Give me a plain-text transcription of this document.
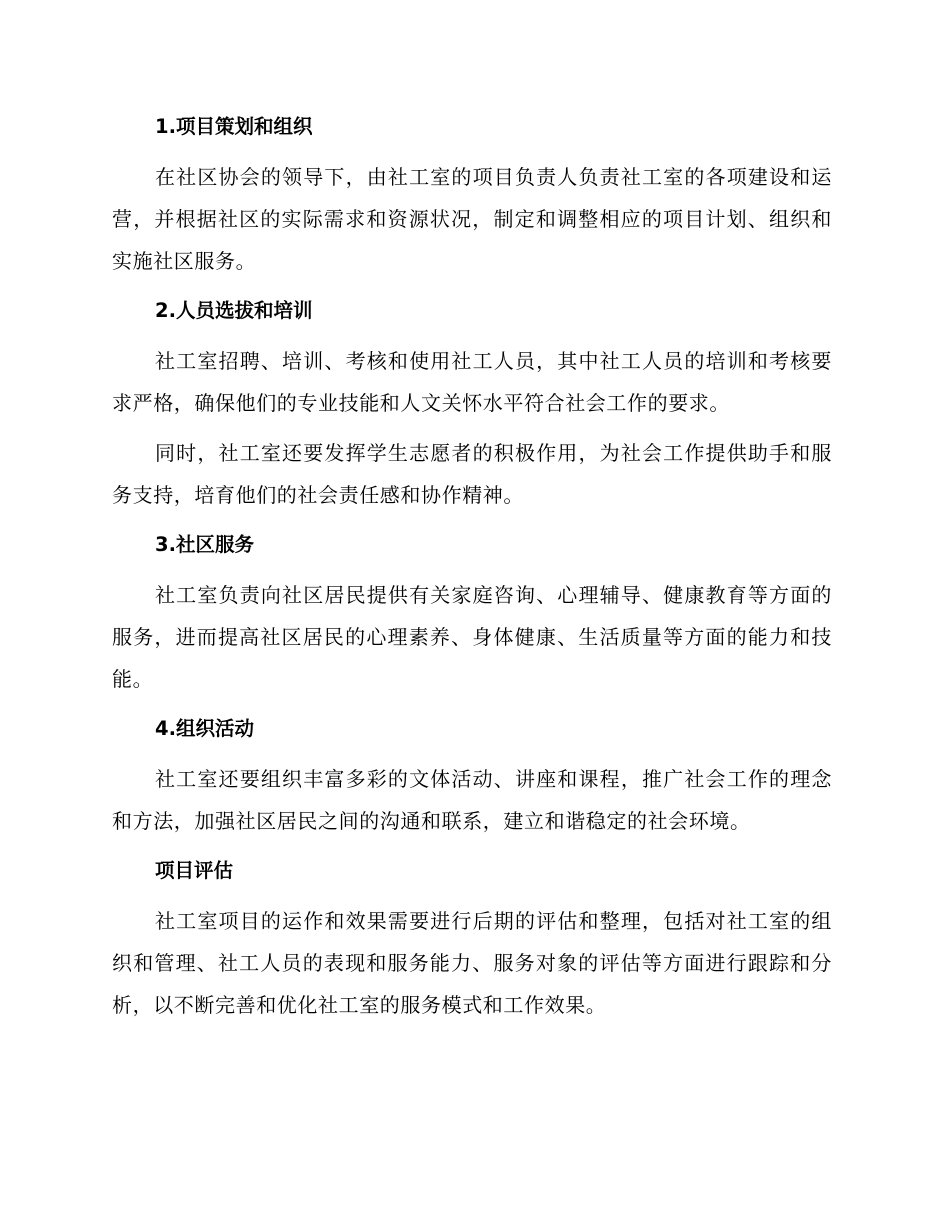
1.项目策划和组织

在社区协会的领导下，由社工室的项目负责人负责社工室的各项建设和运营，并根据社区的实际需求和资源状况，制定和调整相应的项目计划、组织和实施社区服务。

2.人员选拔和培训

社工室招聘、培训、考核和使用社工人员，其中社工人员的培训和考核要求严格，确保他们的专业技能和人文关怀水平符合社会工作的要求。

同时，社工室还要发挥学生志愿者的积极作用，为社会工作提供助手和服务支持，培育他们的社会责任感和协作精神。

3.社区服务

社工室负责向社区居民提供有关家庭咨询、心理辅导、健康教育等方面的服务，进而提高社区居民的心理素养、身体健康、生活质量等方面的能力和技能。

4.组织活动

社工室还要组织丰富多彩的文体活动、讲座和课程，推广社会工作的理念和方法，加强社区居民之间的沟通和联系，建立和谐稳定的社会环境。

项目评估

社工室项目的运作和效果需要进行后期的评估和整理，包括对社工室的组织和管理、社工人员的表现和服务能力、服务对象的评估等方面进行跟踪和分析，以不断完善和优化社工室的服务模式和工作效果。
